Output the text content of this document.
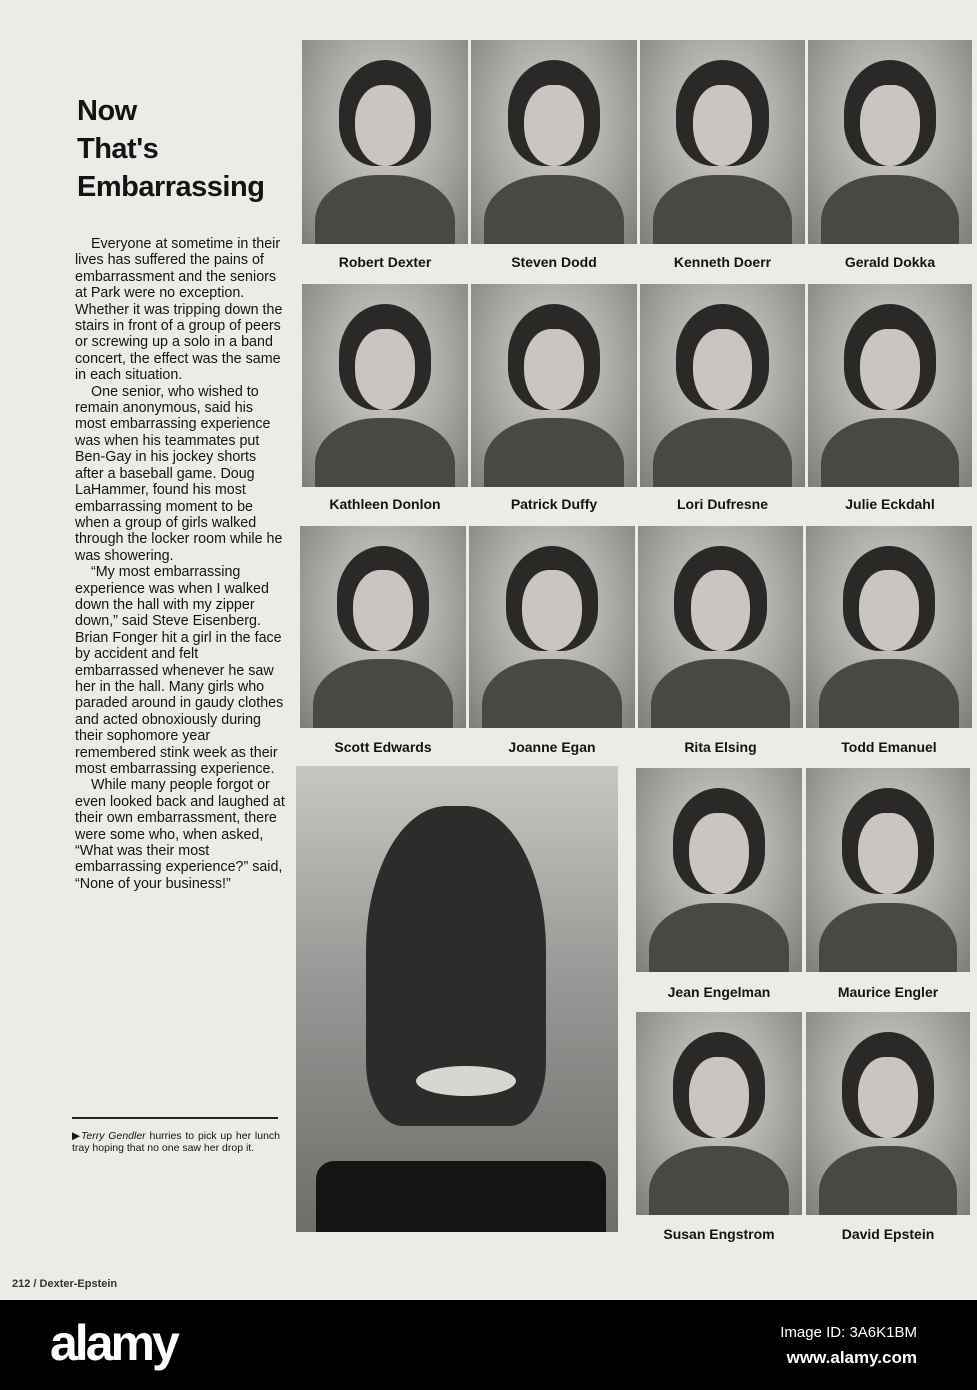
Now
That's
Embarrassing

Everyone at sometime in their lives has suffered the pains of embarrassment and the seniors at Park were no exception. Whether it was tripping down the stairs in front of a group of peers or screwing up a solo in a band concert, the effect was the same in each situation.

One senior, who wished to remain anonymous, said his most embarrassing experience was when his teammates put Ben-Gay in his jockey shorts after a baseball game. Doug LaHammer, found his most embarrassing moment to be when a group of girls walked through the locker room while he was showering.

“My most embarrassing experience was when I walked down the hall with my zipper down,” said Steve Eisenberg. Brian Fonger hit a girl in the face by accident and felt embarrassed whenever he saw her in the hall. Many girls who paraded around in gaudy clothes and acted obnoxiously during their sophomore year remembered stink week as their most embarrassing experience.

While many people forgot or even looked back and laughed at their own embarrassment, there were some who, when asked, “What was their most embarrassing experience?” said, “None of your business!”

▶Terry Gendler hurries to pick up her lunch tray hoping that no one saw her drop it.
Robert Dexter	Steven Dodd	Kenneth Doerr	Gerald Dokka
Kathleen Donlon	Patrick Duffy	Lori Dufresne	Julie Eckdahl
Scott Edwards	Joanne Egan	Rita Elsing	Todd Emanuel
Jean Engelman	Maurice Engler
Susan Engstrom	David Epstein
212 / Dexter-Epstein
alamy	Image ID: 3A6K1BM
www.alamy.com
